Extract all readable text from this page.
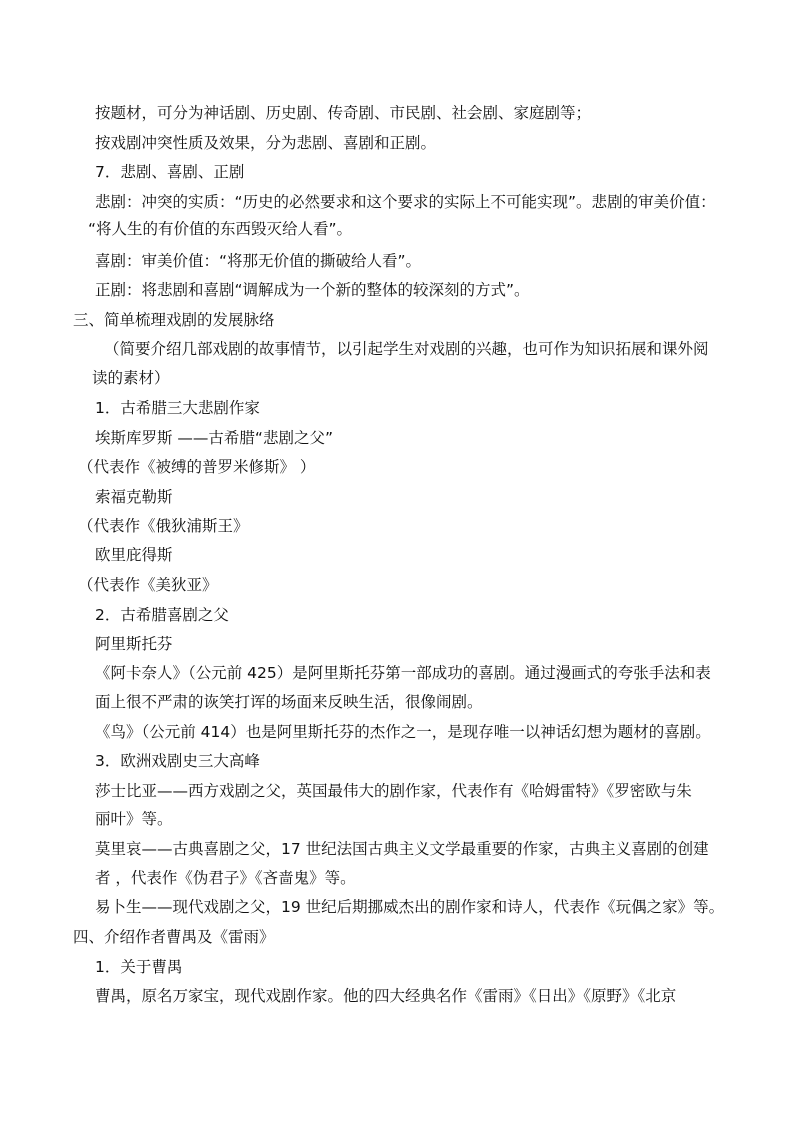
按题材，可分为神话剧、历史剧、传奇剧、市民剧、社会剧、家庭剧等；
按戏剧冲突性质及效果，分为悲剧、喜剧和正剧。
7．悲剧、喜剧、正剧
悲剧：冲突的实质：“历史的必然要求和这个要求的实际上不可能实现”。悲剧的审美价值：
“将人生的有价值的东西毁灭给人看”。
喜剧：审美价值：“将那无价值的撕破给人看”。
正剧：将悲剧和喜剧“调解成为一个新的整体的较深刻的方式”。
三、简单梳理戏剧的发展脉络
（简要介绍几部戏剧的故事情节，以引起学生对戏剧的兴趣，也可作为知识拓展和课外阅
读的素材）
1．古希腊三大悲剧作家
埃斯库罗斯 ——古希腊“悲剧之父”
（代表作《被缚的普罗米修斯》 ）
索福克勒斯
（代表作《俄狄浦斯王》
欧里庇得斯
（代表作《美狄亚》
2．古希腊喜剧之父
阿里斯托芬
《阿卡奈人》（公元前 425）是阿里斯托芬第一部成功的喜剧。通过漫画式的夸张手法和表
面上很不严肃的诙笑打诨的场面来反映生活，很像闹剧。
《鸟》（公元前 414）也是阿里斯托芬的杰作之一，是现存唯一以神话幻想为题材的喜剧。
3．欧洲戏剧史三大高峰
莎士比亚——西方戏剧之父，英国最伟大的剧作家，代表作有《哈姆雷特》《罗密欧与朱
丽叶》等。
莫里哀——古典喜剧之父，17 世纪法国古典主义文学最重要的作家，古典主义喜剧的创建
者 ，代表作《伪君子》《吝啬鬼》等。
易卜生——现代戏剧之父，19 世纪后期挪威杰出的剧作家和诗人，代表作《玩偶之家》等。
四、介绍作者曹禺及《雷雨》
1．关于曹禺
曹禺，原名万家宝，现代戏剧作家。他的四大经典名作《雷雨》《日出》《原野》《北京
